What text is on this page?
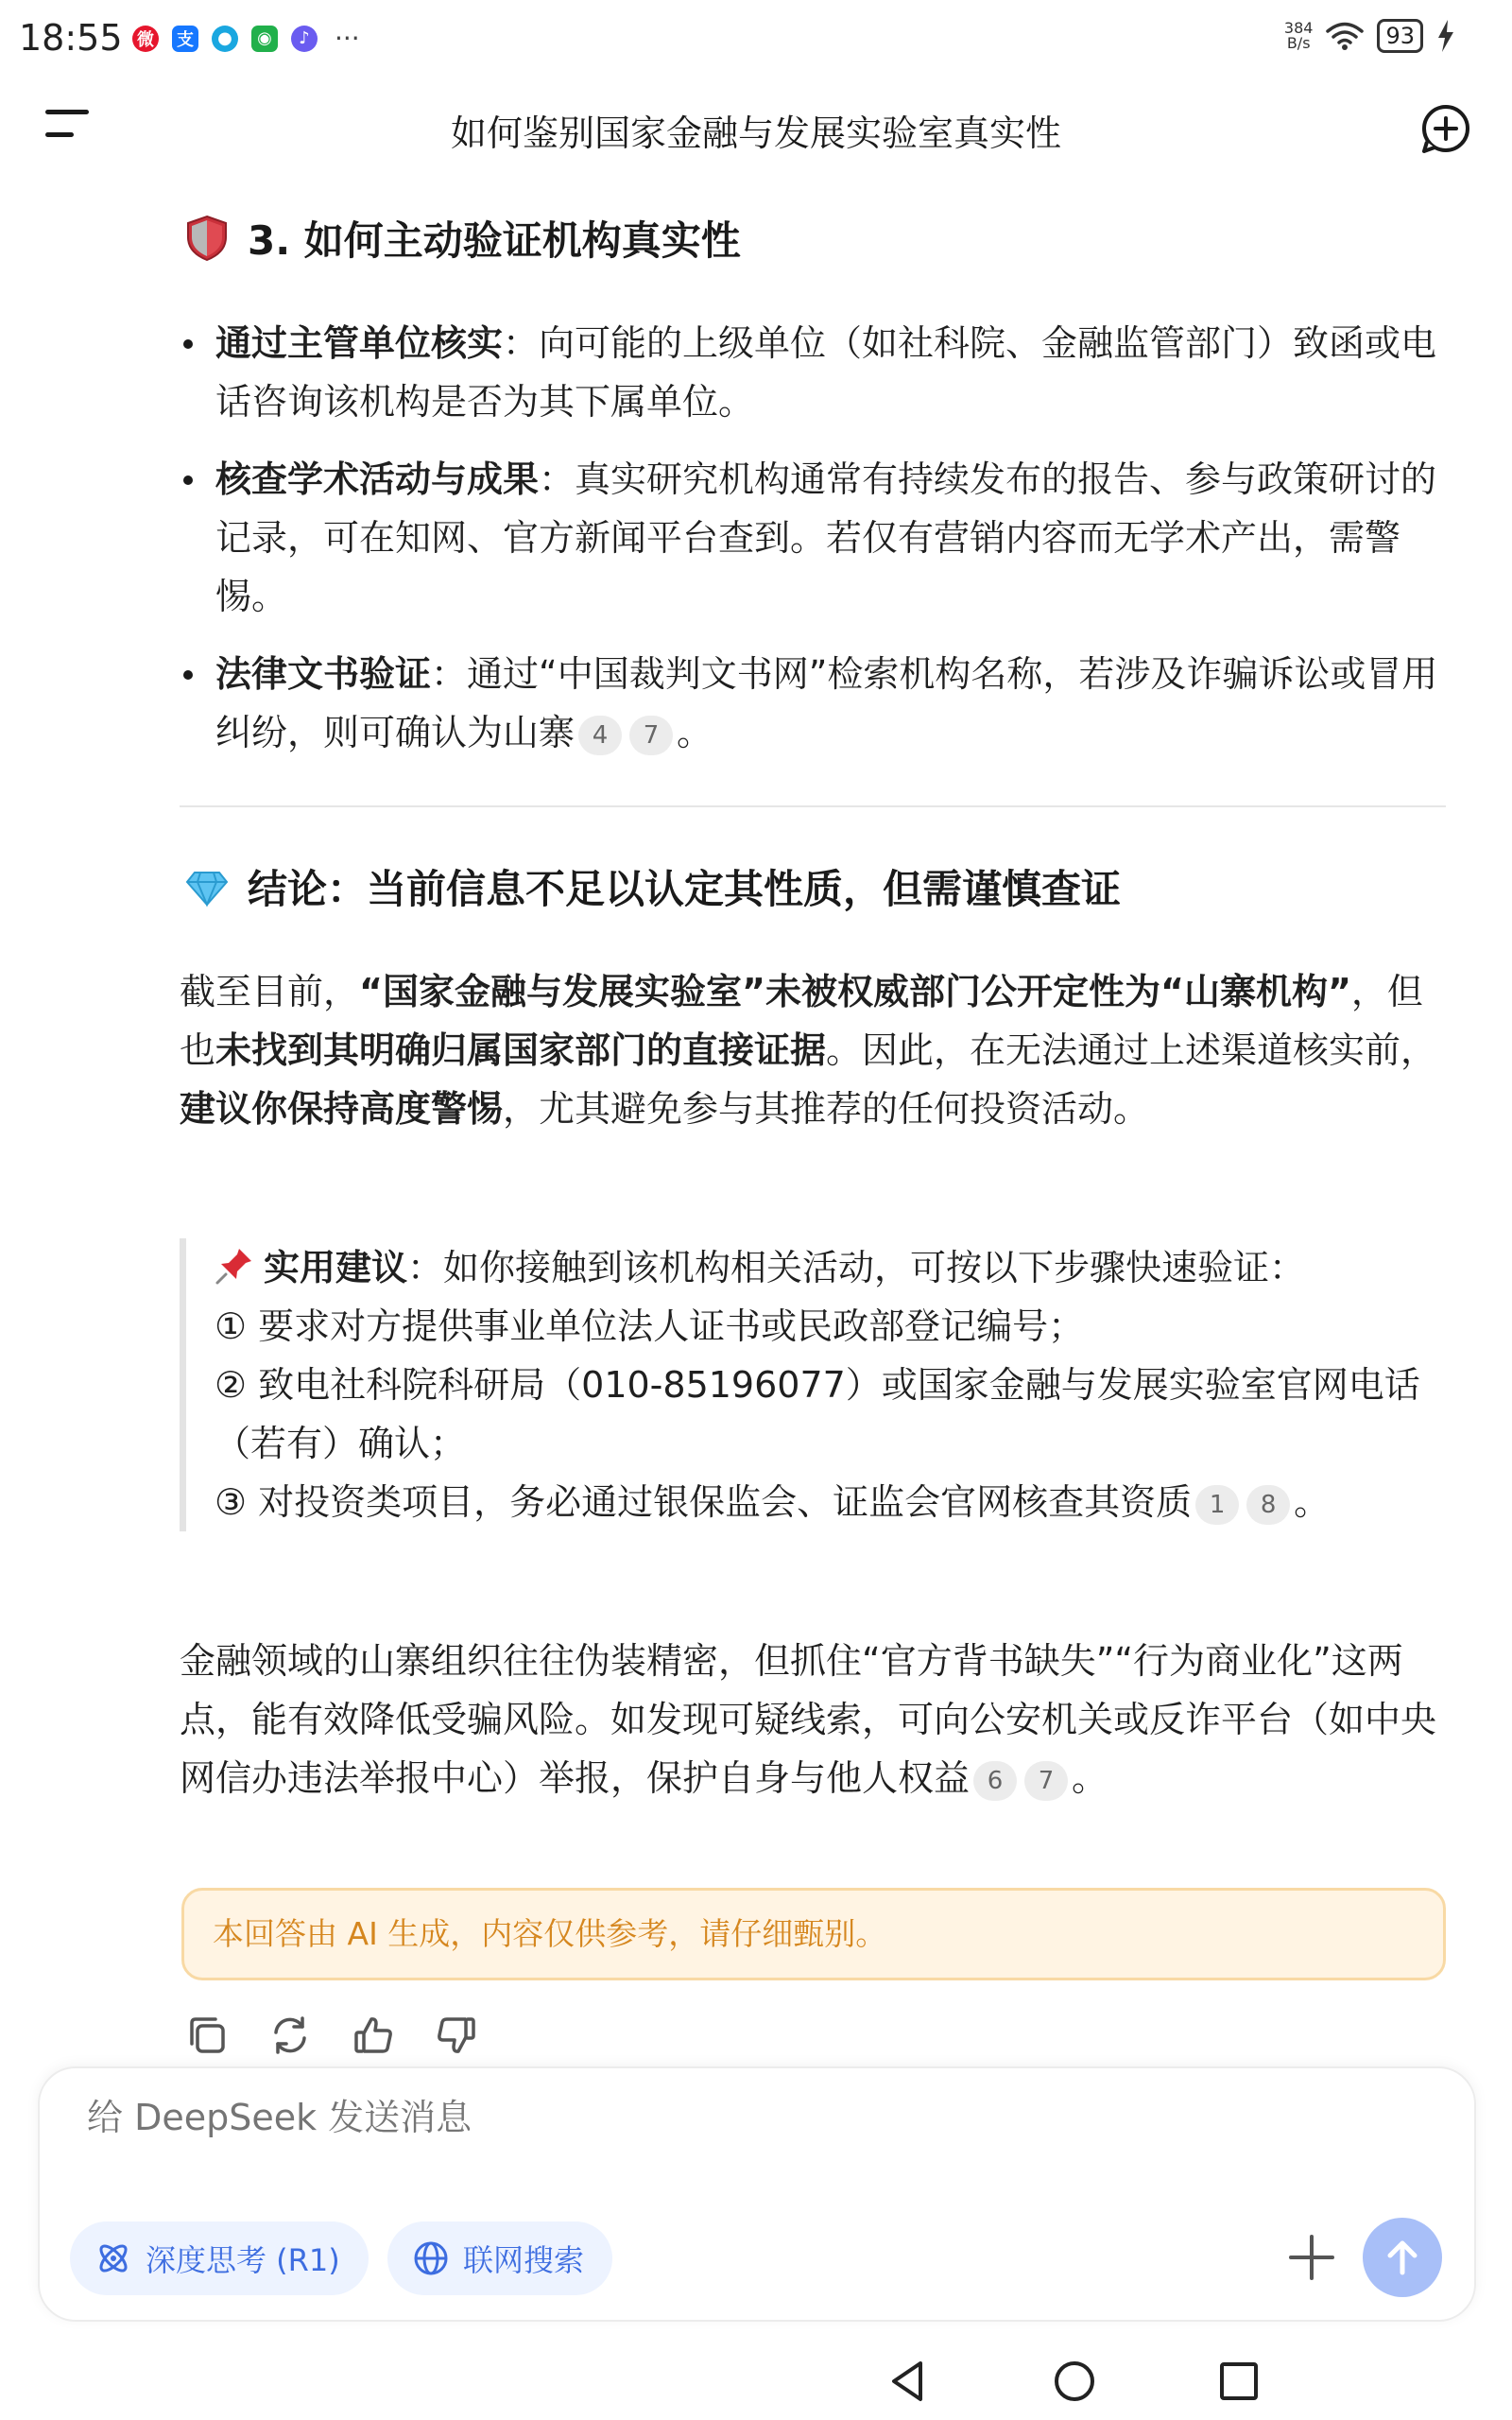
18:55 微 支	●	◉	♪ ···	384
B/s	93
如何鉴别国家金融与发展实验室真实性
3. 如何主动验证机构真实性
通过主管单位核实：向可能的上级单位（如社科院、金融监管部门）致函或电话咨询该机构是否为其下属单位。
核查学术活动与成果：真实研究机构通常有持续发布的报告、参与政策研讨的记录，可在知网、官方新闻平台查到。若仅有营销内容而无学术产出，需警惕。
法律文书验证：通过“中国裁判文书网”检索机构名称，若涉及诈骗诉讼或冒用纠纷，则可确认为山寨 4 7 。
结论：当前信息不足以认定其性质，但需谨慎查证
截至目前，“国家金融与发展实验室”未被权威部门公开定性为“山寨机构”，但也未找到其明确归属国家部门的直接证据。因此，在无法通过上述渠道核实前，建议你保持高度警惕，尤其避免参与其推荐的任何投资活动。
实用建议：如你接触到该机构相关活动，可按以下步骤快速验证：
① 要求对方提供事业单位法人证书或民政部登记编号；
② 致电社科院科研局（010-85196077）或国家金融与发展实验室官网电话（若有）确认；
③ 对投资类项目，务必通过银保监会、证监会官网核查其资质 1 8 。
金融领域的山寨组织往往伪装精密，但抓住“官方背书缺失”“行为商业化”这两点，能有效降低受骗风险。如发现可疑线索，可向公安机关或反诈平台（如中央网信办违法举报中心）举报，保护自身与他人权益 6 7 。
本回答由 AI 生成，内容仅供参考，请仔细甄别。
给 DeepSeek 发送消息
深度思考 (R1)	联网搜索
